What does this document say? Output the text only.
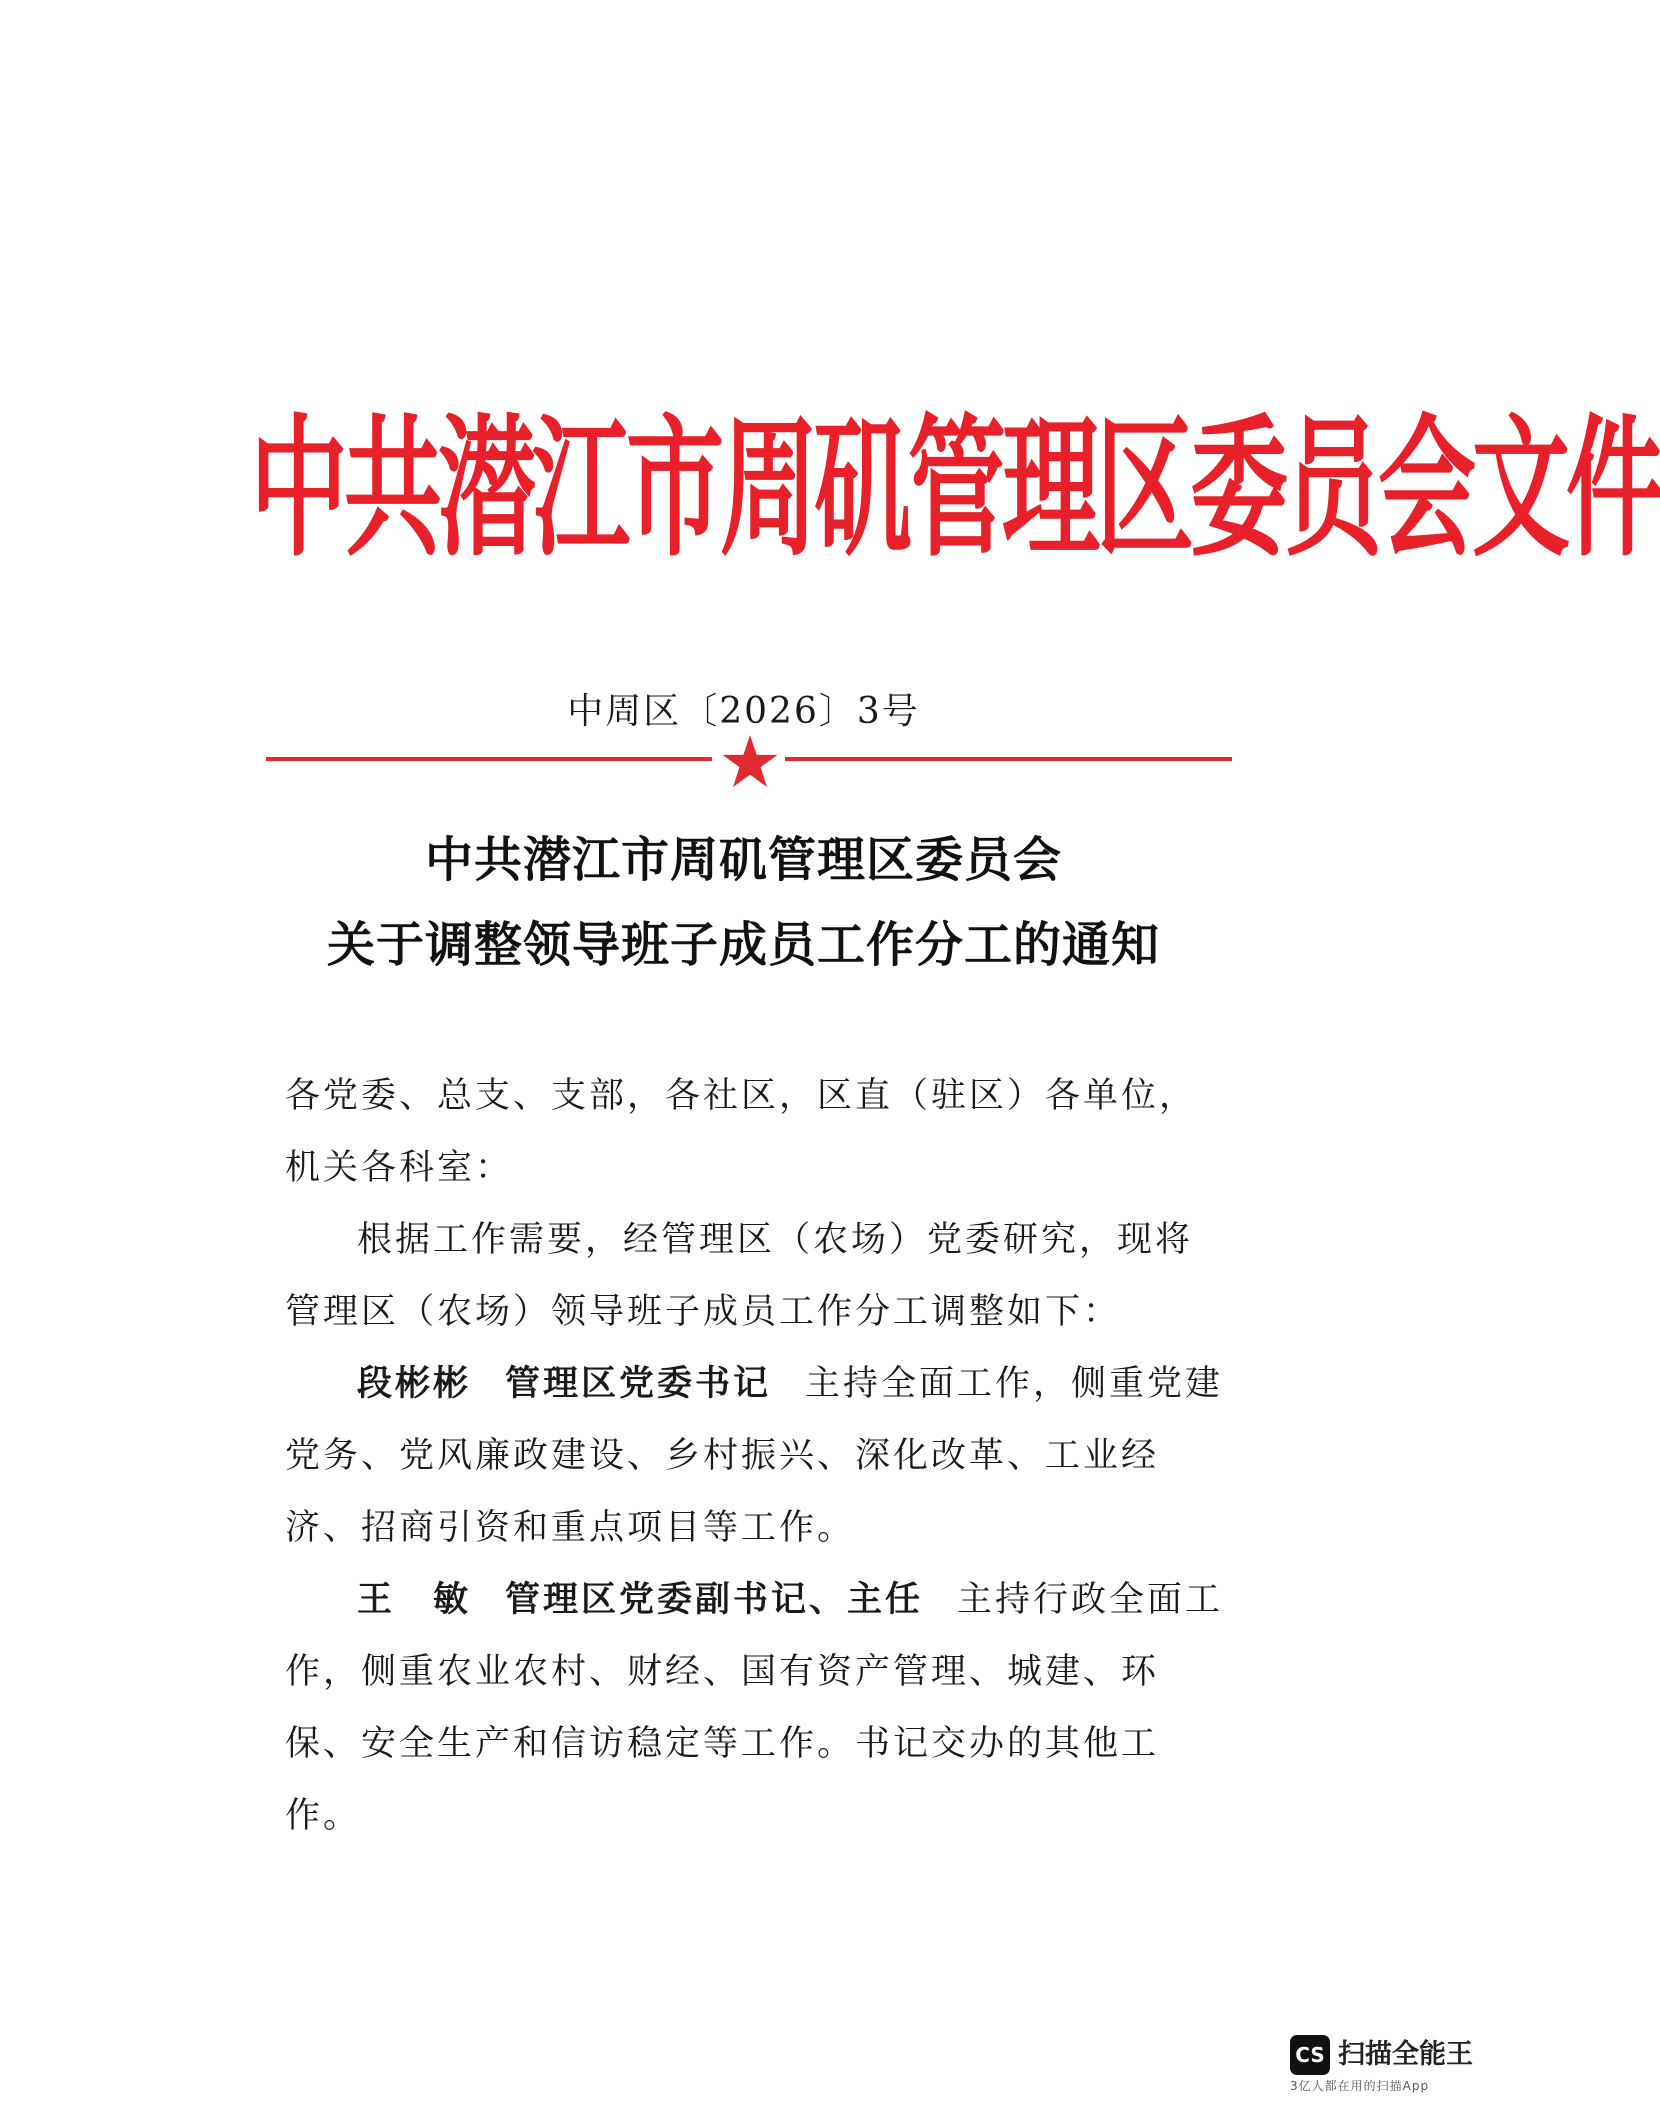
中共潜江市周矶管理区委员会文件
中周区〔2026〕3号
中共潜江市周矶管理区委员会
关于调整领导班子成员工作分工的通知

各党委、总支、支部，各社区，区直（驻区）各单位，机关各科室：

根据工作需要，经管理区（农场）党委研究，现将管理区（农场）领导班子成员工作分工调整如下：

段彬彬 管理区党委书记 主持全面工作，侧重党建党务、党风廉政建设、乡村振兴、深化改革、工业经济、招商引资和重点项目等工作。

王　敏 管理区党委副书记、主任 主持行政全面工作，侧重农业农村、财经、国有资产管理、城建、环保、安全生产和信访稳定等工作。书记交办的其他工作。

CS 扫描全能王
3亿人都在用的扫描App
